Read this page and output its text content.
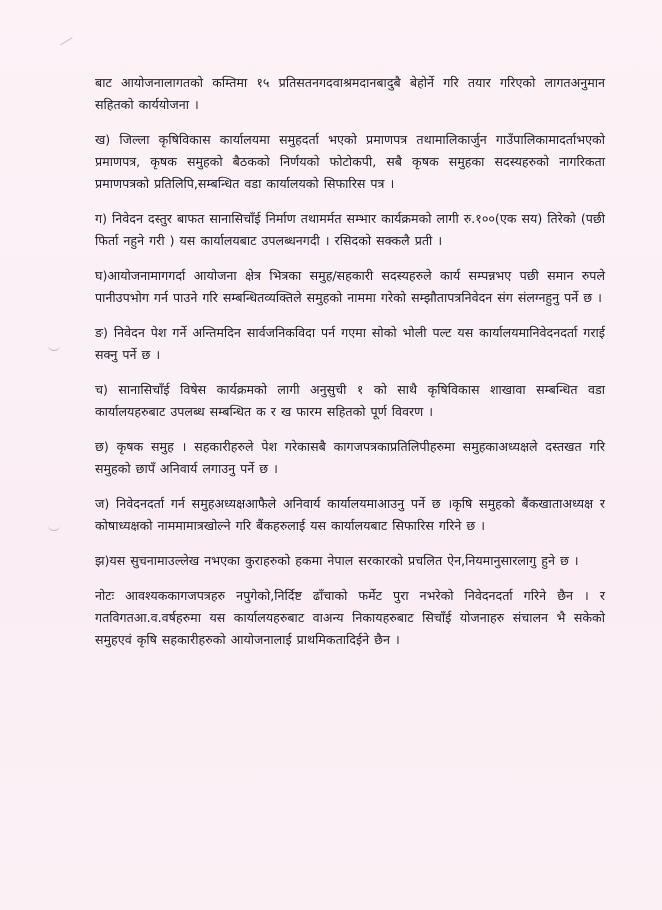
बाट आयोजनालागतको कम्तिमा १५ प्रतिसतनगदवाश्रमदानबादुबै बेहोर्ने गरि तयार गरिएको लागतअनुमान सहितको कार्ययोजना ।

ख) जिल्ला कृषिविकास कार्यालयमा समुहदर्ता भएको प्रमाणपत्र तथामालिकार्जुन गाउँपालिकामादर्ताभएको प्रमाणपत्र, कृषक समुहको बैठकको निर्णयको फोटोकपी, सबै कृषक समुहका सदस्यहरुको नागरिकता प्रमाणपत्रको प्रतिलिपि,सम्बन्धित वडा कार्यालयको सिफारिस पत्र ।

ग) निवेदन दस्तुर बाफत सानासिचाँई निर्माण तथामर्मत सम्भार कार्यक्रमको लागी रु.१००(एक सय) तिरेको (पछी फिर्ता नहुने गरी ) यस कार्यालयबाट उपलब्धनगदी । रसिदको सक्कलै प्रती ।

घ)आयोजनामागगर्दा आयोजना क्षेत्र भित्रका समुह/सहकारी सदस्यहरुले कार्य सम्पन्नभए पछी समान रुपले पानीउपभोग गर्न पाउने गरि सम्बन्धितव्यक्तिले समुहको नाममा गरेको सम्झौतापत्रनिवेदन संग संलग्नहुनु पर्ने छ ।

ङ) निवेदन पेश गर्ने अन्तिमदिन सार्वजनिकविदा पर्न गएमा सोको भोली पल्ट यस कार्यालयमानिवेदनदर्ता गराई सक्नु पर्ने छ ।

च) सानासिचाँई विषेस कार्यक्रमको लागी अनुसुची १ को साथै कृषिविकास शाखावा सम्बन्धित वडा कार्यालयहरुबाट उपलब्ध सम्बन्धित क र ख फारम सहितको पूर्ण विवरण ।

छ) कृषक समुह । सहकारीहरुले पेश गरेकासबै कागजपत्रकाप्रतिलिपीहरुमा समुहकाअध्यक्षले दस्तखत गरि समुहको छापँ अनिवार्य लगाउनु पर्ने छ ।

ज) निवेदनदर्ता गर्न समुहअध्यक्षआफैले अनिवार्य कार्यालयमाआउनु पर्ने छ ।कृषि समुहको बैंकखाताअध्यक्ष र कोषाध्यक्षको नाममामात्रखोल्ने गरि बैंकहरुलाई यस कार्यालयबाट सिफारिस गरिने छ ।

झ)यस सुचनामाउल्लेख नभएका कुराहरुको हकमा नेपाल सरकारको प्रचलित ऐन,नियमानुसारलागु हुने छ ।

नोटः आवश्यककागजपत्रहरु नपुगेको,निर्दिष्ट ढाँचाको फर्मेट पुरा नभरेको निवेदनदर्ता गरिने छैन । र गतविगतआ.व.वर्षहरुमा यस कार्यालयहरुबाट वाअन्य निकायहरुबाट सिचाँई योजनाहरु संचालन भै सकेको समुहएवं कृषि सहकारीहरुको आयोजनालाई प्राथमिकतादिईने छैन ।
